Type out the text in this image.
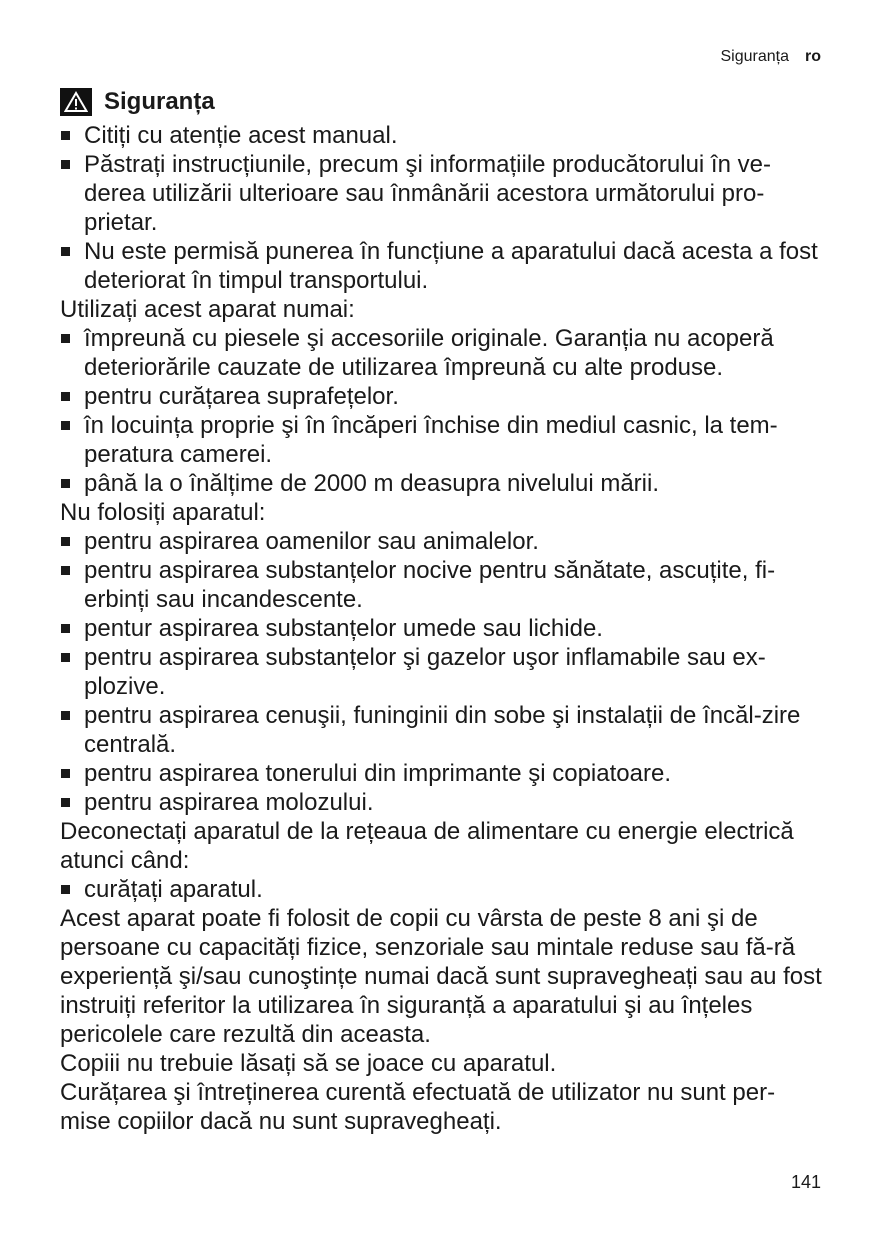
Siguranța ro
Siguranța
Citiți cu atenție acest manual.
Păstrați instrucțiunile, precum şi informațiile producătorului în ve-derea utilizării ulterioare sau înmânării acestora următorului pro-prietar.
Nu este permisă punerea în funcțiune a aparatului dacă acesta a fost deteriorat în timpul transportului.

Utilizați acest aparat numai:

împreună cu piesele şi accesoriile originale. Garanția nu acoperă deteriorările cauzate de utilizarea împreună cu alte produse.
pentru curățarea suprafețelor.
în locuința proprie şi în încăperi închise din mediul casnic, la tem-peratura camerei.
până la o înălțime de 2000 m deasupra nivelului mării.

Nu folosiți aparatul:

pentru aspirarea oamenilor sau animalelor.
pentru aspirarea substanțelor nocive pentru sănătate, ascuțite, fi-erbinți sau incandescente.
pentur aspirarea substanțelor umede sau lichide.
pentru aspirarea substanțelor şi gazelor uşor inflamabile sau ex-plozive.
pentru aspirarea cenuşii, funinginii din sobe şi instalații de încăl-zire centrală.
pentru aspirarea tonerului din imprimante şi copiatoare.
pentru aspirarea molozului.

Deconectați aparatul de la rețeaua de alimentare cu energie electrică atunci când:

curățați aparatul.

Acest aparat poate fi folosit de copii cu vârsta de peste 8 ani şi de persoane cu capacități fizice, senzoriale sau mintale reduse sau fă-ră experiență şi/sau cunoştințe numai dacă sunt supravegheați sau au fost instruiți referitor la utilizarea în siguranță a aparatului şi au înțeles pericolele care rezultă din aceasta.

Copiii nu trebuie lăsați să se joace cu aparatul.

Curățarea şi întreținerea curentă efectuată de utilizator nu sunt per-mise copiilor dacă nu sunt supravegheați.

141
